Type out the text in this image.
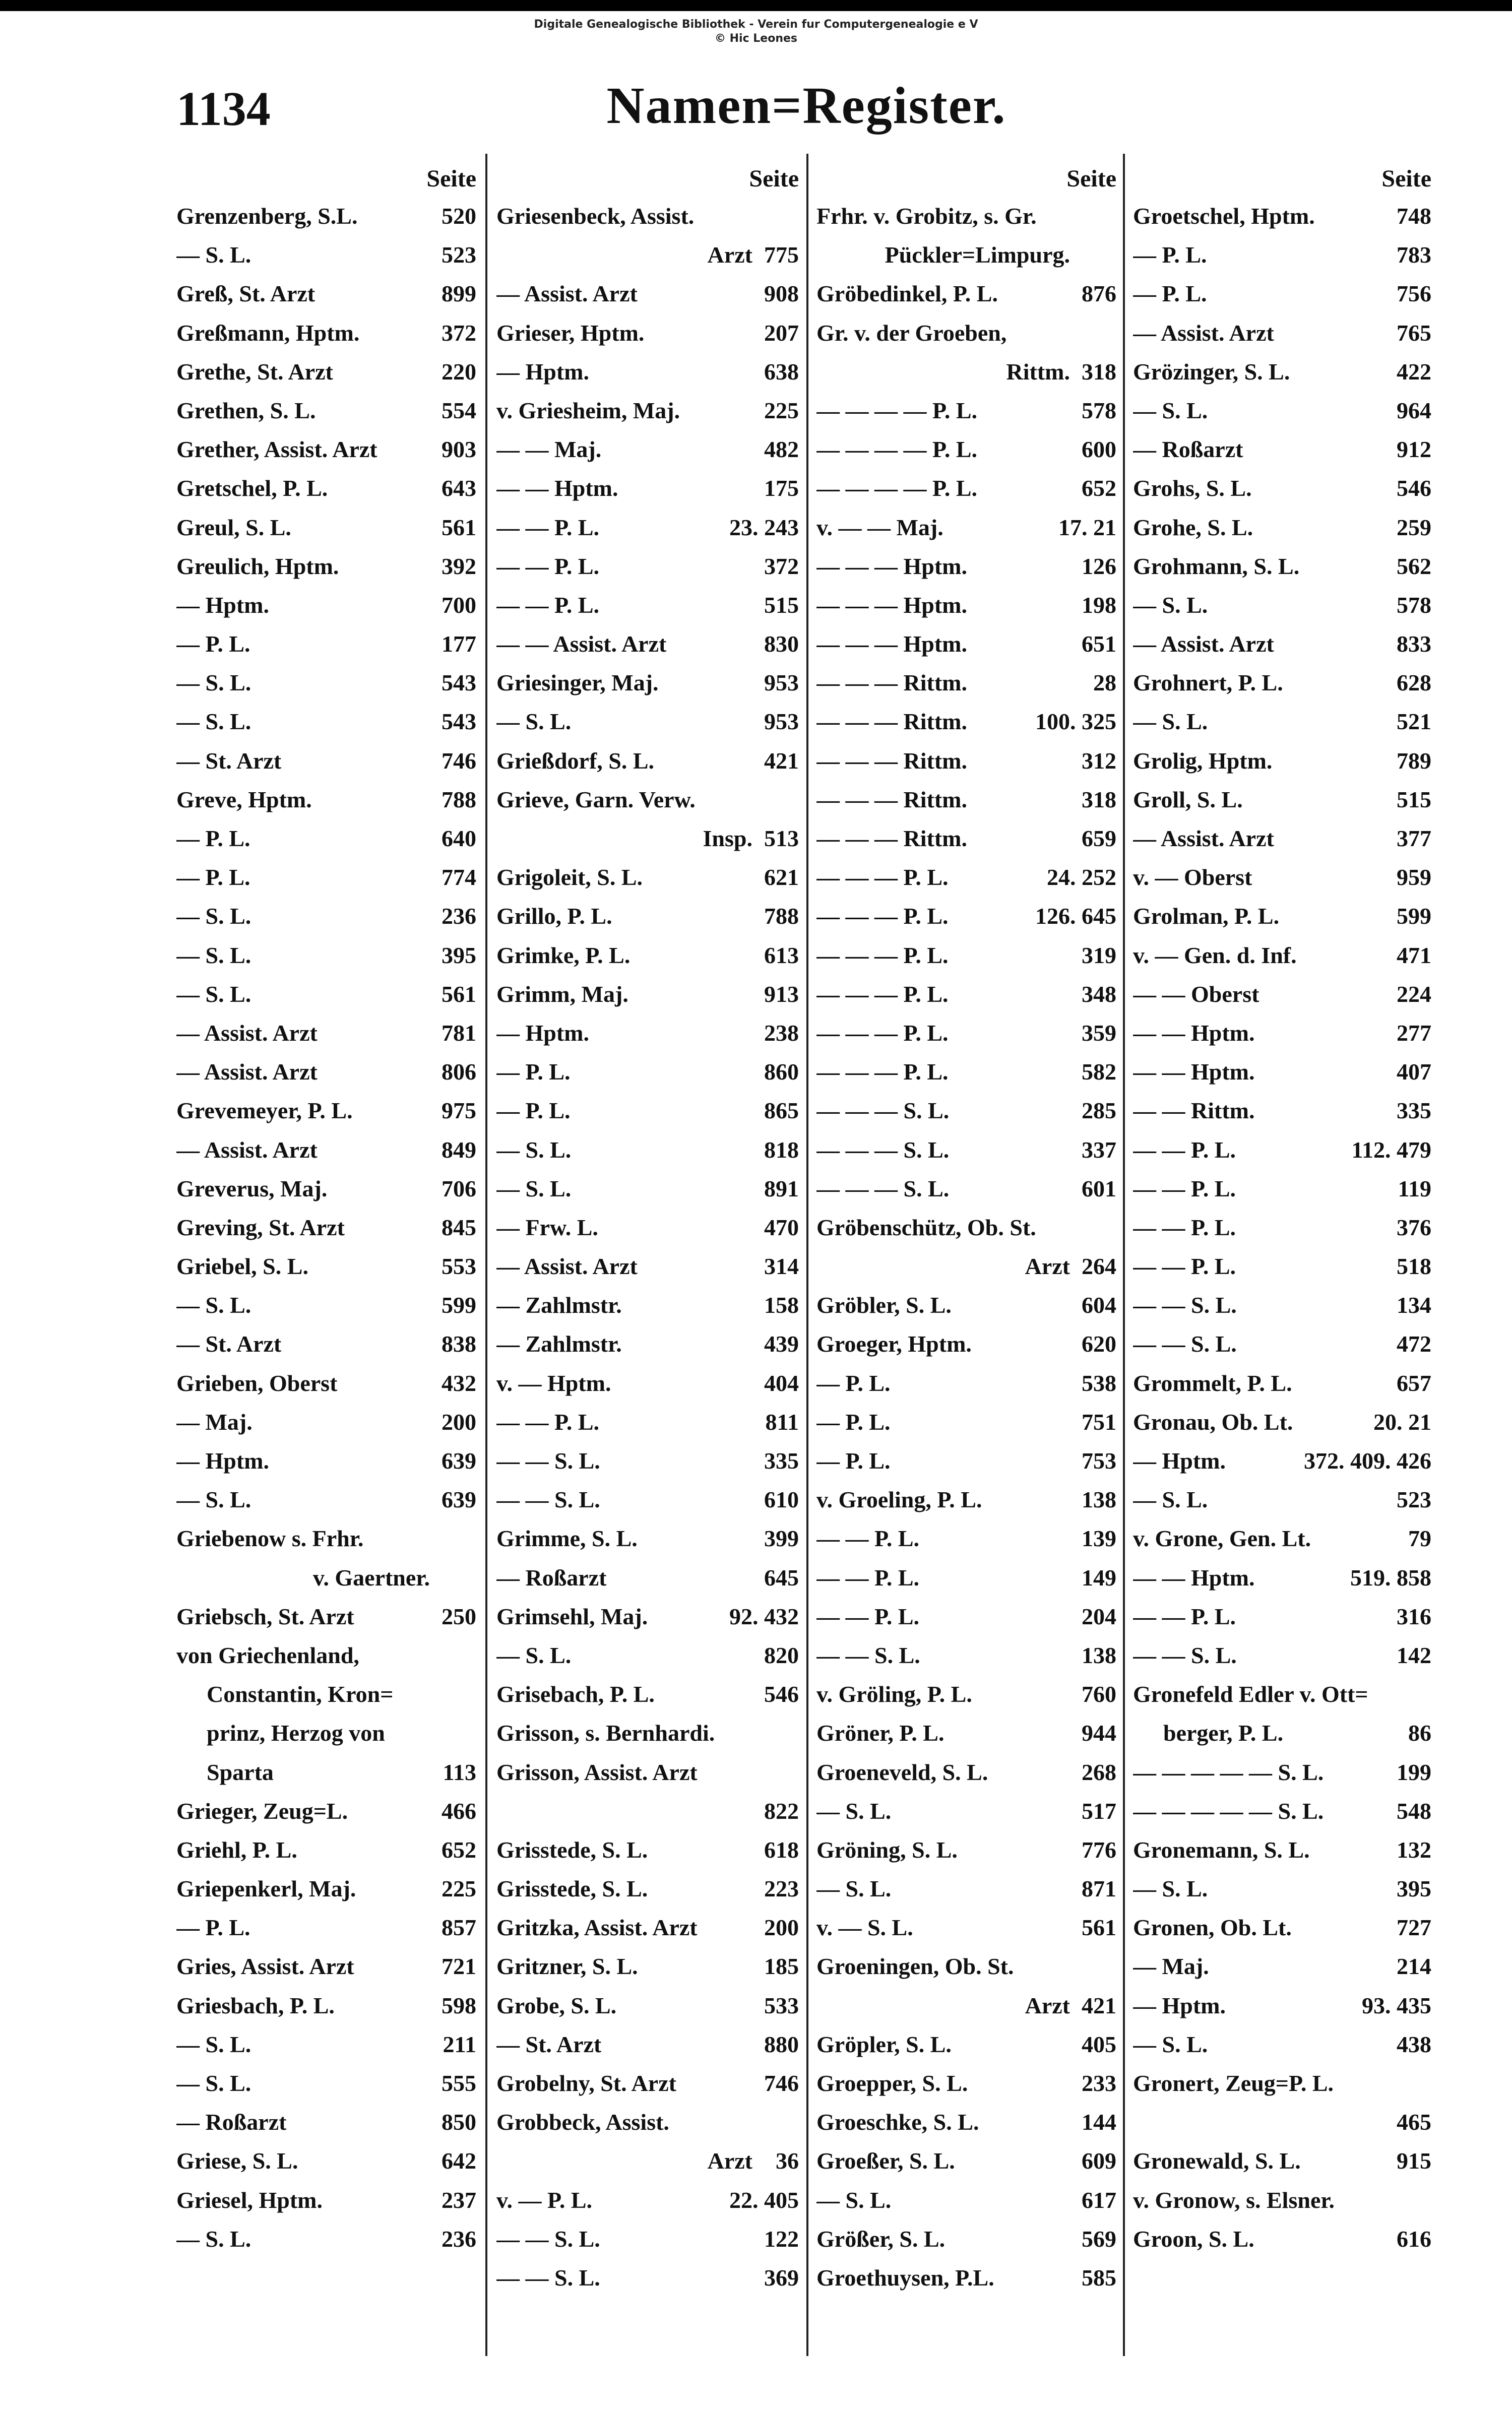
Digitale Genealogische Bibliothek - Verein fur Computergenealogie e V
© Hic Leones
1134	Namen=Register.
Seite
Grenzenberg, S.L.	520
— S. L.	523
Greß, St. Arzt	899
Greßmann, Hptm.	372
Grethe, St. Arzt	220
Grethen, S. L.	554
Grether, Assist. Arzt	903
Gretschel, P. L.	643
Greul, S. L.	561
Greulich, Hptm.	392
— Hptm.	700
— P. L.	177
— S. L.	543
— S. L.	543
— St. Arzt	746
Greve, Hptm.	788
— P. L.	640
— P. L.	774
— S. L.	236
— S. L.	395
— S. L.	561
— Assist. Arzt	781
— Assist. Arzt	806
Grevemeyer, P. L.	975
— Assist. Arzt	849
Greverus, Maj.	706
Greving, St. Arzt	845
Griebel, S. L.	553
— S. L.	599
— St. Arzt	838
Grieben, Oberst	432
— Maj.	200
— Hptm.	639
— S. L.	639
Griebenow s. Frhr.
v. Gaertner.
Griebsch, St. Arzt	250
von Griechenland,
Constantin, Kron=
prinz, Herzog von
Sparta	113
Grieger, Zeug=L.	466
Griehl, P. L.	652
Griepenkerl, Maj.	225
— P. L.	857
Gries, Assist. Arzt	721
Griesbach, P. L.	598
— S. L.	211
— S. L.	555
— Roßarzt	850
Griese, S. L.	642
Griesel, Hptm.	237
— S. L.	236
Seite
Griesenbeck, Assist.
Arzt 775
— Assist. Arzt	908
Grieser, Hptm.	207
— Hptm.	638
v. Griesheim, Maj.	225
— — Maj.	482
— — Hptm.	175
— — P. L.	23. 243
— — P. L.	372
— — P. L.	515
— — Assist. Arzt	830
Griesinger, Maj.	953
— S. L.	953
Grießdorf, S. L.	421
Grieve, Garn. Verw.
Insp. 513
Grigoleit, S. L.	621
Grillo, P. L.	788
Grimke, P. L.	613
Grimm, Maj.	913
— Hptm.	238
— P. L.	860
— P. L.	865
— S. L.	818
— S. L.	891
— Frw. L.	470
— Assist. Arzt	314
— Zahlmstr.	158
— Zahlmstr.	439
v. — Hptm.	404
— — P. L.	811
— — S. L.	335
— — S. L.	610
Grimme, S. L.	399
— Roßarzt	645
Grimsehl, Maj.	92. 432
— S. L.	820
Grisebach, P. L.	546
Grisson, s. Bernhardi.
Grisson, Assist. Arzt
822
Grisstede, S. L.	618
Grisstede, S. L.	223
Gritzka, Assist. Arzt	200
Gritzner, S. L.	185
Grobe, S. L.	533
— St. Arzt	880
Grobelny, St. Arzt	746
Grobbeck, Assist.
Arzt	36
v. — P. L.	22. 405
— — S. L.	122
— — S. L.	369
Seite
Frhr. v. Grobitz, s. Gr.
Pückler=Limpurg.
Gröbedinkel, P. L.	876
Gr. v. der Groeben,
Rittm. 318
— — — — P. L.	578
— — — — P. L.	600
— — — — P. L.	652
v. — — Maj.	17. 21
— — — Hptm.	126
— — — Hptm.	198
— — — Hptm.	651
— — — Rittm.	28
— — — Rittm.	100. 325
— — — Rittm.	312
— — — Rittm.	318
— — — Rittm.	659
— — — P. L.	24. 252
— — — P. L.	126. 645
— — — P. L.	319
— — — P. L.	348
— — — P. L.	359
— — — P. L.	582
— — — S. L.	285
— — — S. L.	337
— — — S. L.	601
Gröbenschütz, Ob. St.
Arzt 264
Gröbler, S. L.	604
Groeger, Hptm.	620
— P. L.	538
— P. L.	751
— P. L.	753
v. Groeling, P. L.	138
— — P. L.	139
— — P. L.	149
— — P. L.	204
— — S. L.	138
v. Gröling, P. L.	760
Gröner, P. L.	944
Groeneveld, S. L.	268
— S. L.	517
Gröning, S. L.	776
— S. L.	871
v. — S. L.	561
Groeningen, Ob. St.
Arzt 421
Gröpler, S. L.	405
Groepper, S. L.	233
Groeschke, S. L.	144
Groeßer, S. L.	609
— S. L.	617
Größer, S. L.	569
Groethuysen, P.L.	585
Seite
Groetschel, Hptm.	748
— P. L.	783
— P. L.	756
— Assist. Arzt	765
Grözinger, S. L.	422
— S. L.	964
— Roßarzt	912
Grohs, S. L.	546
Grohe, S. L.	259
Grohmann, S. L.	562
— S. L.	578
— Assist. Arzt	833
Grohnert, P. L.	628
— S. L.	521
Grolig, Hptm.	789
Groll, S. L.	515
— Assist. Arzt	377
v. — Oberst	959
Grolman, P. L.	599
v. — Gen. d. Inf.	471
— — Oberst	224
— — Hptm.	277
— — Hptm.	407
— — Rittm.	335
— — P. L.	112. 479
— — P. L.	119
— — P. L.	376
— — P. L.	518
— — S. L.	134
— — S. L.	472
Grommelt, P. L.	657
Gronau, Ob. Lt.	20. 21
— Hptm.	372. 409. 426
— S. L.	523
v. Grone, Gen. Lt.	79
— — Hptm.	519. 858
— — P. L.	316
— — S. L.	142
Gronefeld Edler v. Ott=
berger, P. L.	86
— — — — — S. L.	199
— — — — — S. L.	548
Gronemann, S. L.	132
— S. L.	395
Gronen, Ob. Lt.	727
— Maj.	214
— Hptm.	93. 435
— S. L.	438
Gronert, Zeug=P. L.
465
Gronewald, S. L.	915
v. Gronow, s. Elsner.
Groon, S. L.	616
